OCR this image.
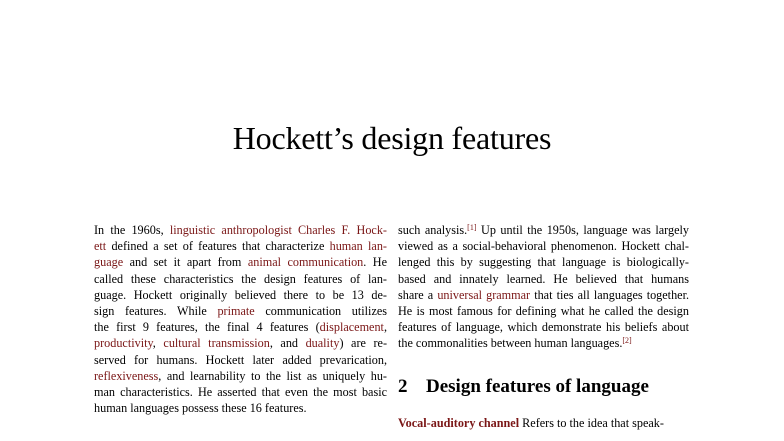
Hockett’s design features
In the 1960s, linguistic anthropologist Charles F. Hock-
ett defined a set of features that characterize human lan-
guage and set it apart from animal communication. He
called these characteristics the design features of lan-
guage. Hockett originally believed there to be 13 de-
sign features. While primate communication utilizes
the first 9 features, the final 4 features (displacement,
productivity, cultural transmission, and duality) are re-
served for humans. Hockett later added prevarication,
reflexiveness, and learnability to the list as uniquely hu-
man characteristics. He asserted that even the most basic
human languages possess these 16 features.
such analysis.[1] Up until the 1950s, language was largely
viewed as a social-behavioral phenomenon. Hockett chal-
lenged this by suggesting that language is biologically-
based and innately learned. He believed that humans
share a universal grammar that ties all languages together.
He is most famous for defining what he called the design
features of language, which demonstrate his beliefs about
the commonalities between human languages.[2]
2 Design features of language
Vocal-auditory channel Refers to the idea that speak-
